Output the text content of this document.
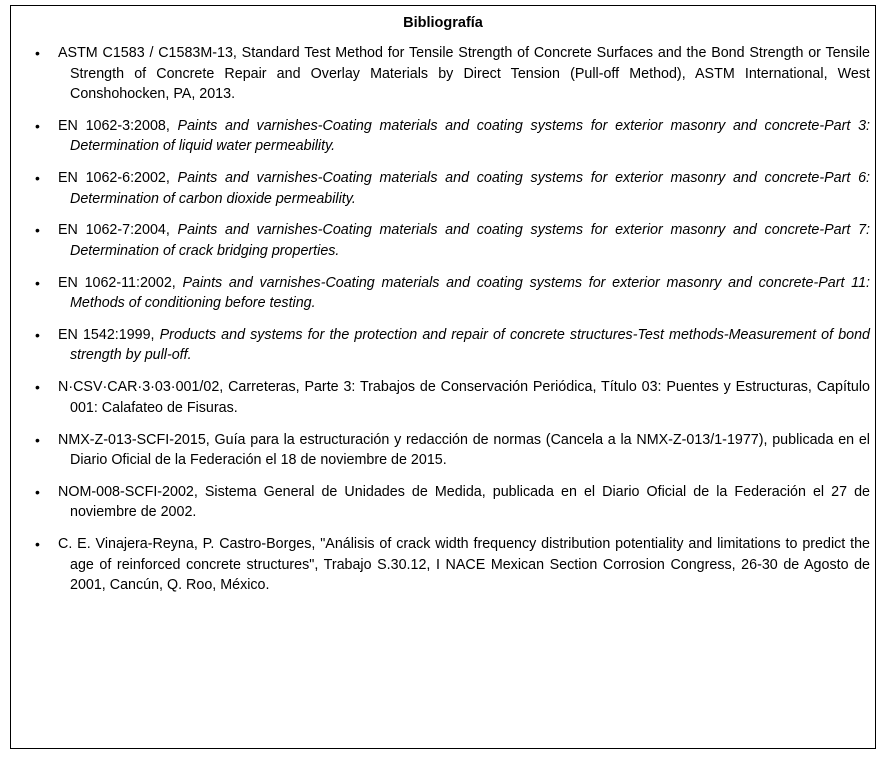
Bibliografía
•	ASTM C1583 / C1583M-13, Standard Test Method for Tensile Strength of Concrete Surfaces and the Bond Strength or Tensile Strength of Concrete Repair and Overlay Materials by Direct Tension (Pull-off Method), ASTM International, West Conshohocken, PA, 2013.
•	EN 1062-3:2008, Paints and varnishes-Coating materials and coating systems for exterior masonry and concrete-Part 3: Determination of liquid water permeability.
•	EN 1062-6:2002, Paints and varnishes-Coating materials and coating systems for exterior masonry and concrete-Part 6: Determination of carbon dioxide permeability.
•	EN 1062-7:2004, Paints and varnishes-Coating materials and coating systems for exterior masonry and concrete-Part 7: Determination of crack bridging properties.
•	EN 1062-11:2002, Paints and varnishes-Coating materials and coating systems for exterior masonry and concrete-Part 11: Methods of conditioning before testing.
•	EN 1542:1999, Products and systems for the protection and repair of concrete structures-Test methods-Measurement of bond strength by pull-off.
•	N·CSV·CAR·3·03·001/02, Carreteras, Parte 3: Trabajos de Conservación Periódica, Título 03: Puentes y Estructuras, Capítulo 001: Calafateo de Fisuras.
•	NMX-Z-013-SCFI-2015, Guía para la estructuración y redacción de normas (Cancela a la NMX-Z-013/1-1977), publicada en el Diario Oficial de la Federación el 18 de noviembre de 2015.
•	NOM-008-SCFI-2002, Sistema General de Unidades de Medida, publicada en el Diario Oficial de la Federación el 27 de noviembre de 2002.
•	C. E. Vinajera-Reyna, P. Castro-Borges, "Análisis of crack width frequency distribution potentiality and limitations to predict the age of reinforced concrete structures", Trabajo S.30.12, I NACE Mexican Section Corrosion Congress, 26-30 de Agosto de 2001, Cancún, Q. Roo, México.
